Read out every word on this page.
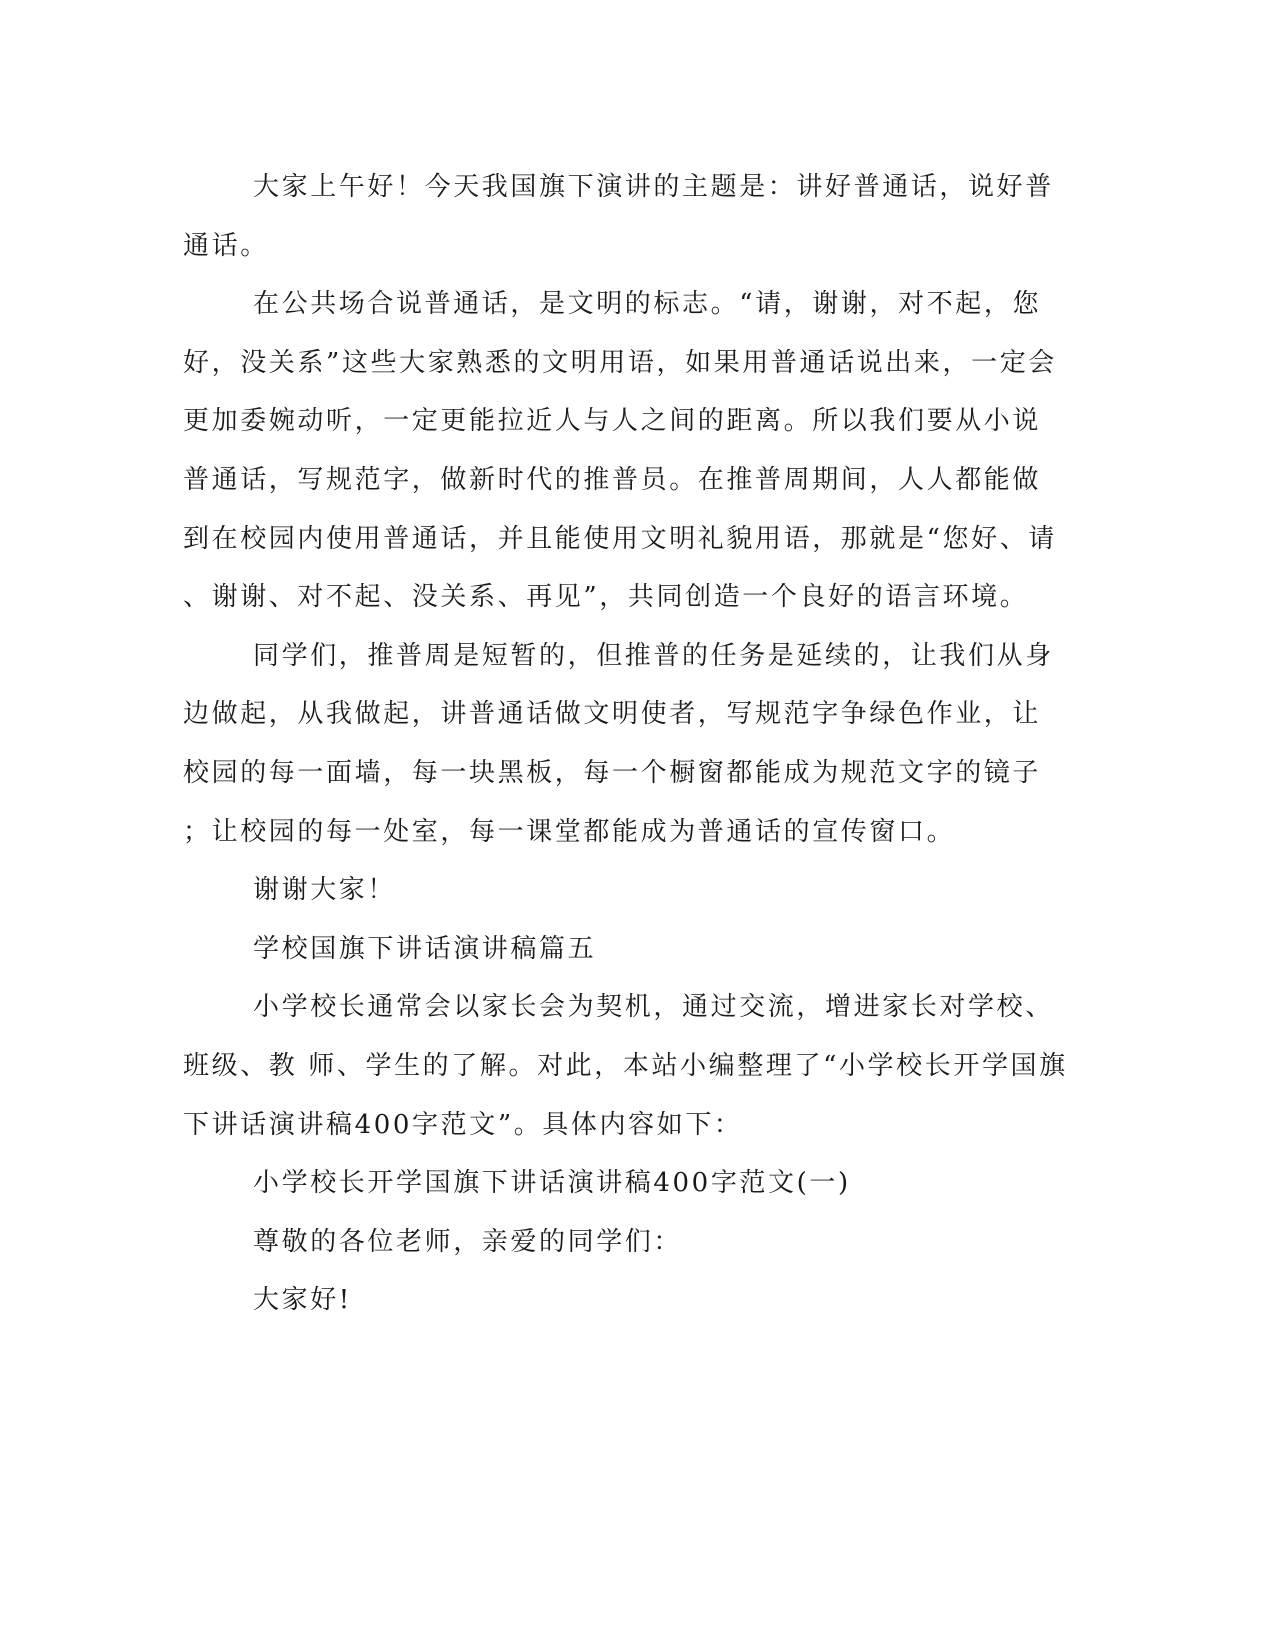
大家上午好！今天我国旗下演讲的主题是：讲好普通话，说好普
通话。
在公共场合说普通话，是文明的标志。“请，谢谢，对不起，您
好，没关系”这些大家熟悉的文明用语，如果用普通话说出来，一定会
更加委婉动听，一定更能拉近人与人之间的距离。所以我们要从小说
普通话，写规范字，做新时代的推普员。在推普周期间，人人都能做
到在校园内使用普通话，并且能使用文明礼貌用语，那就是“您好、请
、谢谢、对不起、没关系、再见”，共同创造一个良好的语言环境。
同学们，推普周是短暂的，但推普的任务是延续的，让我们从身
边做起，从我做起，讲普通话做文明使者，写规范字争绿色作业，让
校园的每一面墙，每一块黑板，每一个橱窗都能成为规范文字的镜子
；让校园的每一处室，每一课堂都能成为普通话的宣传窗口。
谢谢大家！
学校国旗下讲话演讲稿篇五
小学校长通常会以家长会为契机，通过交流，增进家长对学校、
班级、教 师、学生的了解。对此，本站小编整理了“小学校长开学国旗
下讲话演讲稿400字范文”。具体内容如下：
小学校长开学国旗下讲话演讲稿400字范文(一)
尊敬的各位老师，亲爱的同学们：
大家好!
